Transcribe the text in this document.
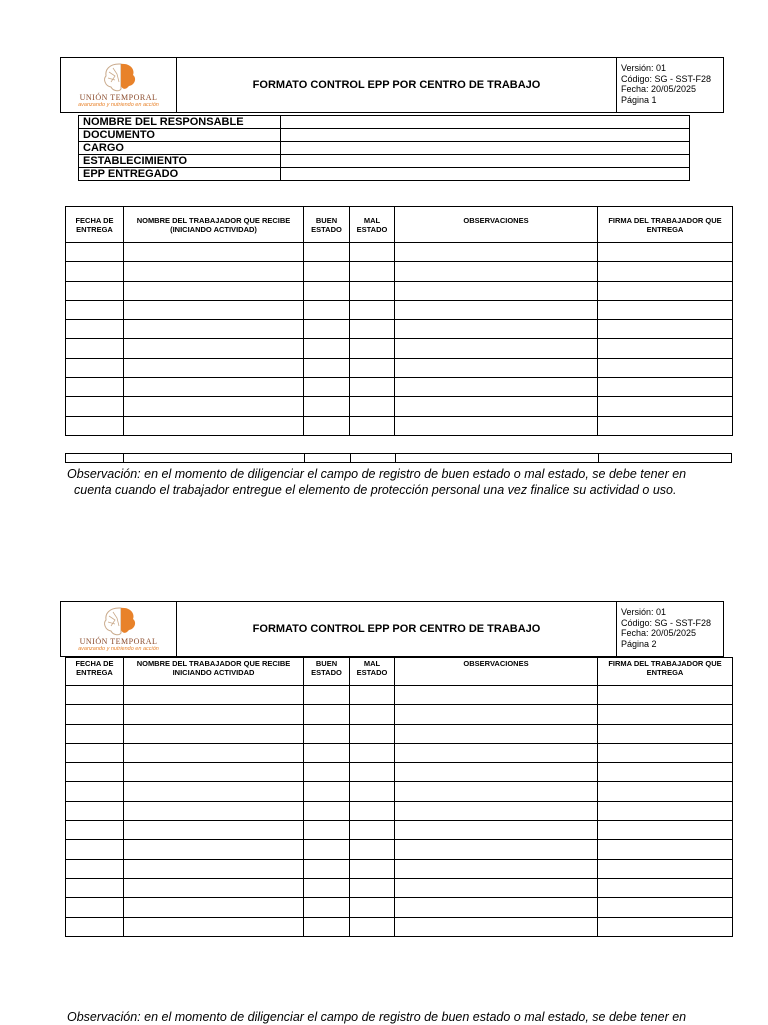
UNIÓN TEMPORAL
avanzando y nutriendo en acción
FORMATO CONTROL EPP POR CENTRO DE TRABAJO
Versión: 01
Código: SG - SST-F28
Fecha: 20/05/2025
Página 1
NOMBRE DEL RESPONSABLE	
DOCUMENTO	
CARGO	
ESTABLECIMIENTO	
EPP ENTREGADO	
FECHA DE ENTREGA	NOMBRE DEL TRABAJADOR QUE RECIBE (INICIANDO ACTIVIDAD)	BUEN ESTADO	MAL ESTADO	OBSERVACIONES	FIRMA DEL TRABAJADOR QUE ENTREGA

Observación: en el momento de diligenciar el campo de registro de buen estado o mal estado, se debe tener en
cuenta cuando el trabajador entregue el elemento de protección personal una vez finalice su actividad o uso.
UNIÓN TEMPORAL
avanzando y nutriendo en acción
FORMATO CONTROL EPP POR CENTRO DE TRABAJO
Versión: 01
Código: SG - SST-F28
Fecha: 20/05/2025
Página 2
FECHA DE ENTREGA	NOMBRE DEL TRABAJADOR QUE RECIBE INICIANDO ACTIVIDAD	BUEN ESTADO	MAL ESTADO	OBSERVACIONES	FIRMA DEL TRABAJADOR QUE ENTREGA

Observación: en el momento de diligenciar el campo de registro de buen estado o mal estado, se debe tener en
